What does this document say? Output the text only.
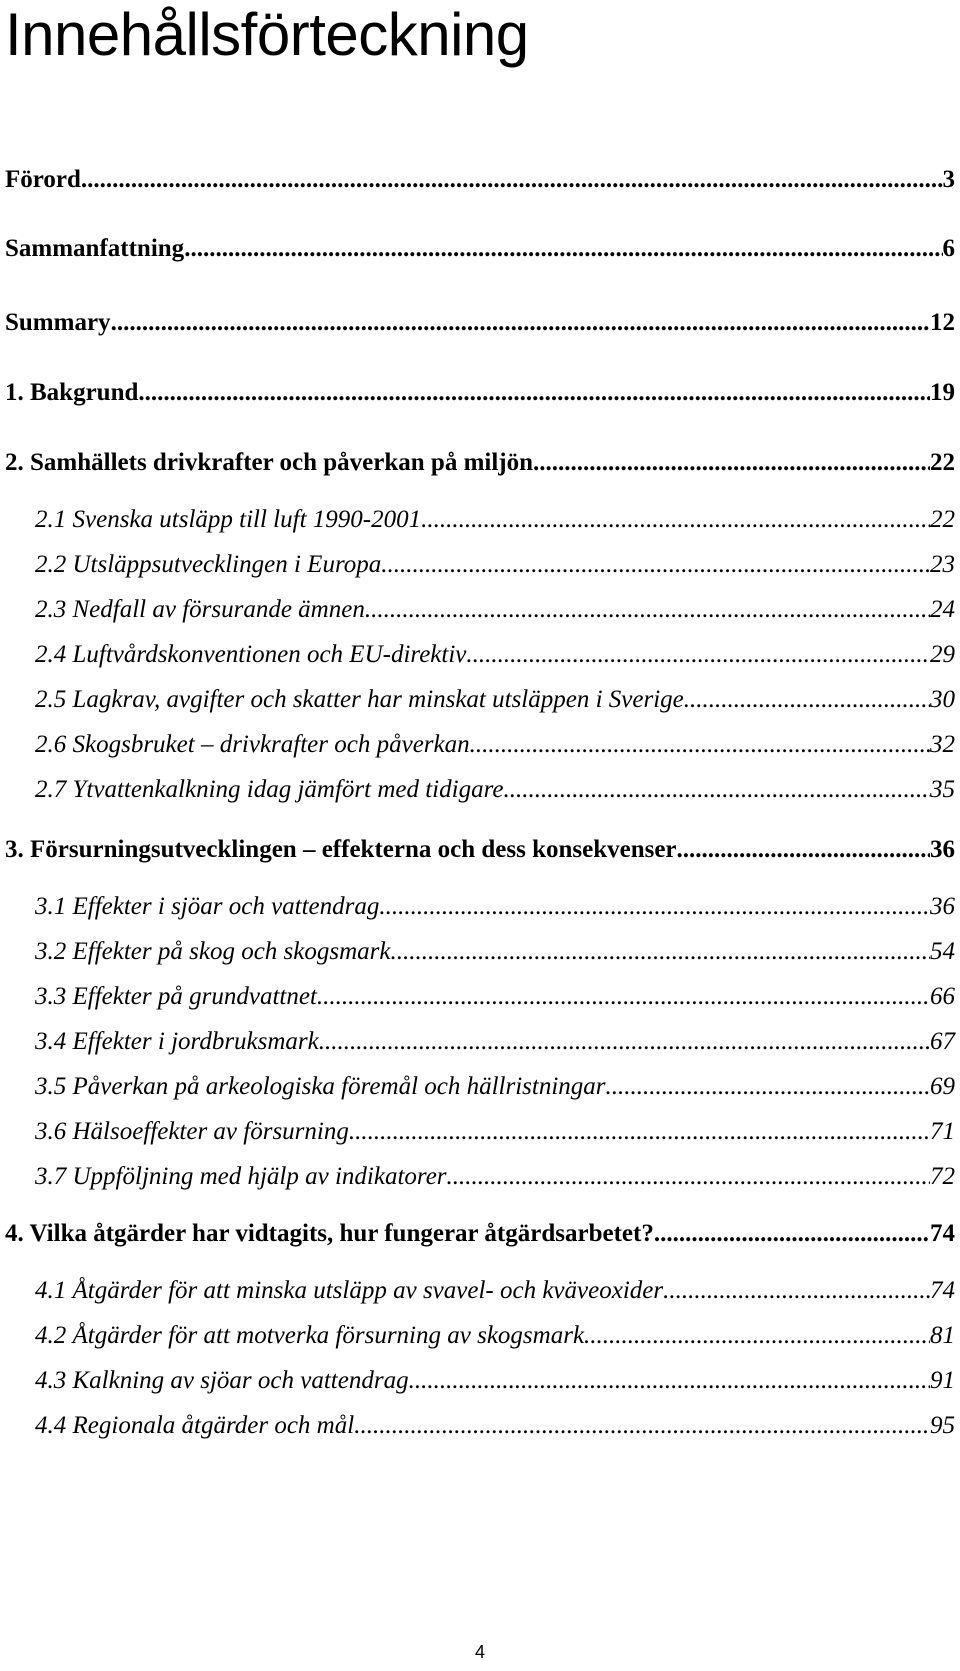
Innehållsförteckning
Förord .....	3
Sammanfattning .....	6
Summary .....	12
1. Bakgrund .....	19
2. Samhällets drivkrafter och påverkan på miljön .....	22
2.1 Svenska utsläpp till luft 1990-2001 .....	22
2.2 Utsläppsutvecklingen i Europa .....	23
2.3 Nedfall av försurande ämnen .....	24
2.4 Luftvårdskonventionen och EU-direktiv .....	29
2.5 Lagkrav, avgifter och skatter har minskat utsläppen i Sverige .....	30
2.6 Skogsbruket – drivkrafter och påverkan .....	32
2.7 Ytvattenkalkning idag jämfört med tidigare .....	35
3. Försurningsutvecklingen – effekterna och dess konsekvenser .....	36
3.1 Effekter i sjöar och vattendrag .....	36
3.2 Effekter på skog och skogsmark .....	54
3.3 Effekter på grundvattnet .....	66
3.4 Effekter i jordbruksmark .....	67
3.5 Påverkan på arkeologiska föremål och hällristningar .....	69
3.6 Hälsoeffekter av försurning .....	71
3.7 Uppföljning med hjälp av indikatorer .....	72
4. Vilka åtgärder har vidtagits, hur fungerar åtgärdsarbetet? .....	74
4.1 Åtgärder för att minska utsläpp av svavel- och kväveoxider .....	74
4.2 Åtgärder för att motverka försurning av skogsmark .....	81
4.3 Kalkning av sjöar och vattendrag .....	91
4.4 Regionala åtgärder och mål .....	95
4
